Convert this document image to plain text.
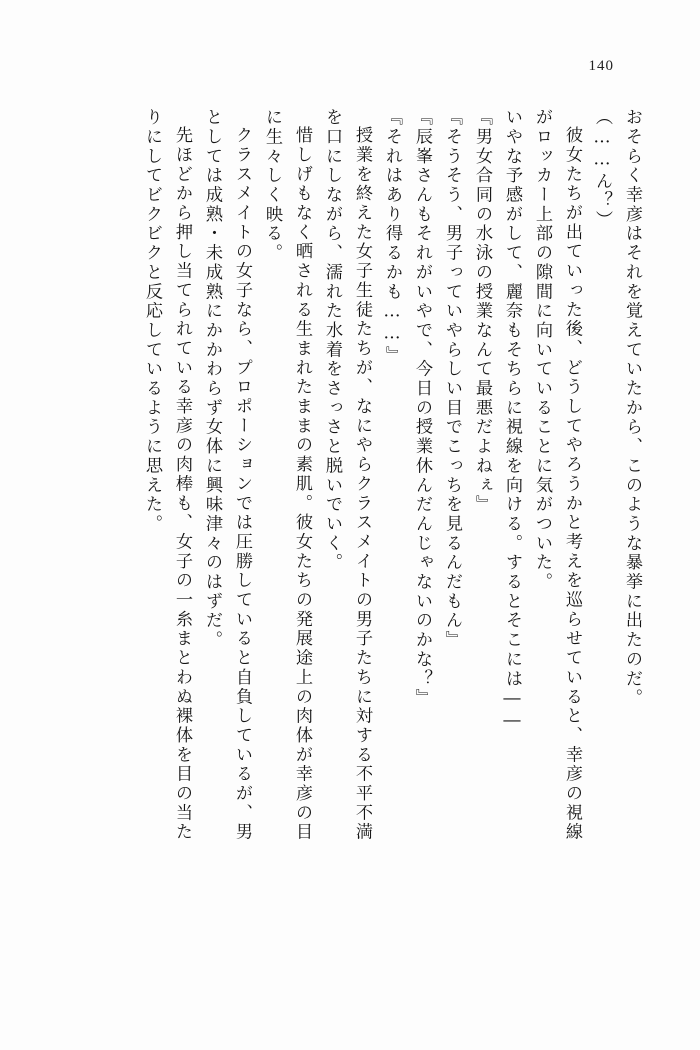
140
おそらく幸彦はそれを覚えていたから、このような暴挙に出たのだ。
（……ん？）
彼女たちが出ていった後、どうしてやろうかと考えを巡らせていると、幸彦の視線
がロッカー上部の隙間に向いていることに気がついた。
いやな予感がして、麗奈もそちらに視線を向ける。するとそこには――
『男女合同の水泳の授業なんて最悪だよねぇ』
『そうそう、男子っていやらしい目でこっちを見るんだもん』
『辰峯さんもそれがいやで、今日の授業休んだんじゃないのかな？』
『それはあり得るかも……』
授業を終えた女子生徒たちが、なにやらクラスメイトの男子たちに対する不平不満
を口にしながら、濡れた水着をさっさと脱いでいく。
惜しげもなく晒される生まれたままの素肌。彼女たちの発展途上の肉体が幸彦の目
に生々しく映る。
クラスメイトの女子なら、プロポーションでは圧勝していると自負しているが、男
としては成熟・未成熟にかかわらず女体に興味津々のはずだ。
先ほどから押し当てられている幸彦の肉棒も、女子の一糸まとわぬ裸体を目の当た
りにしてビクビクと反応しているように思えた。
